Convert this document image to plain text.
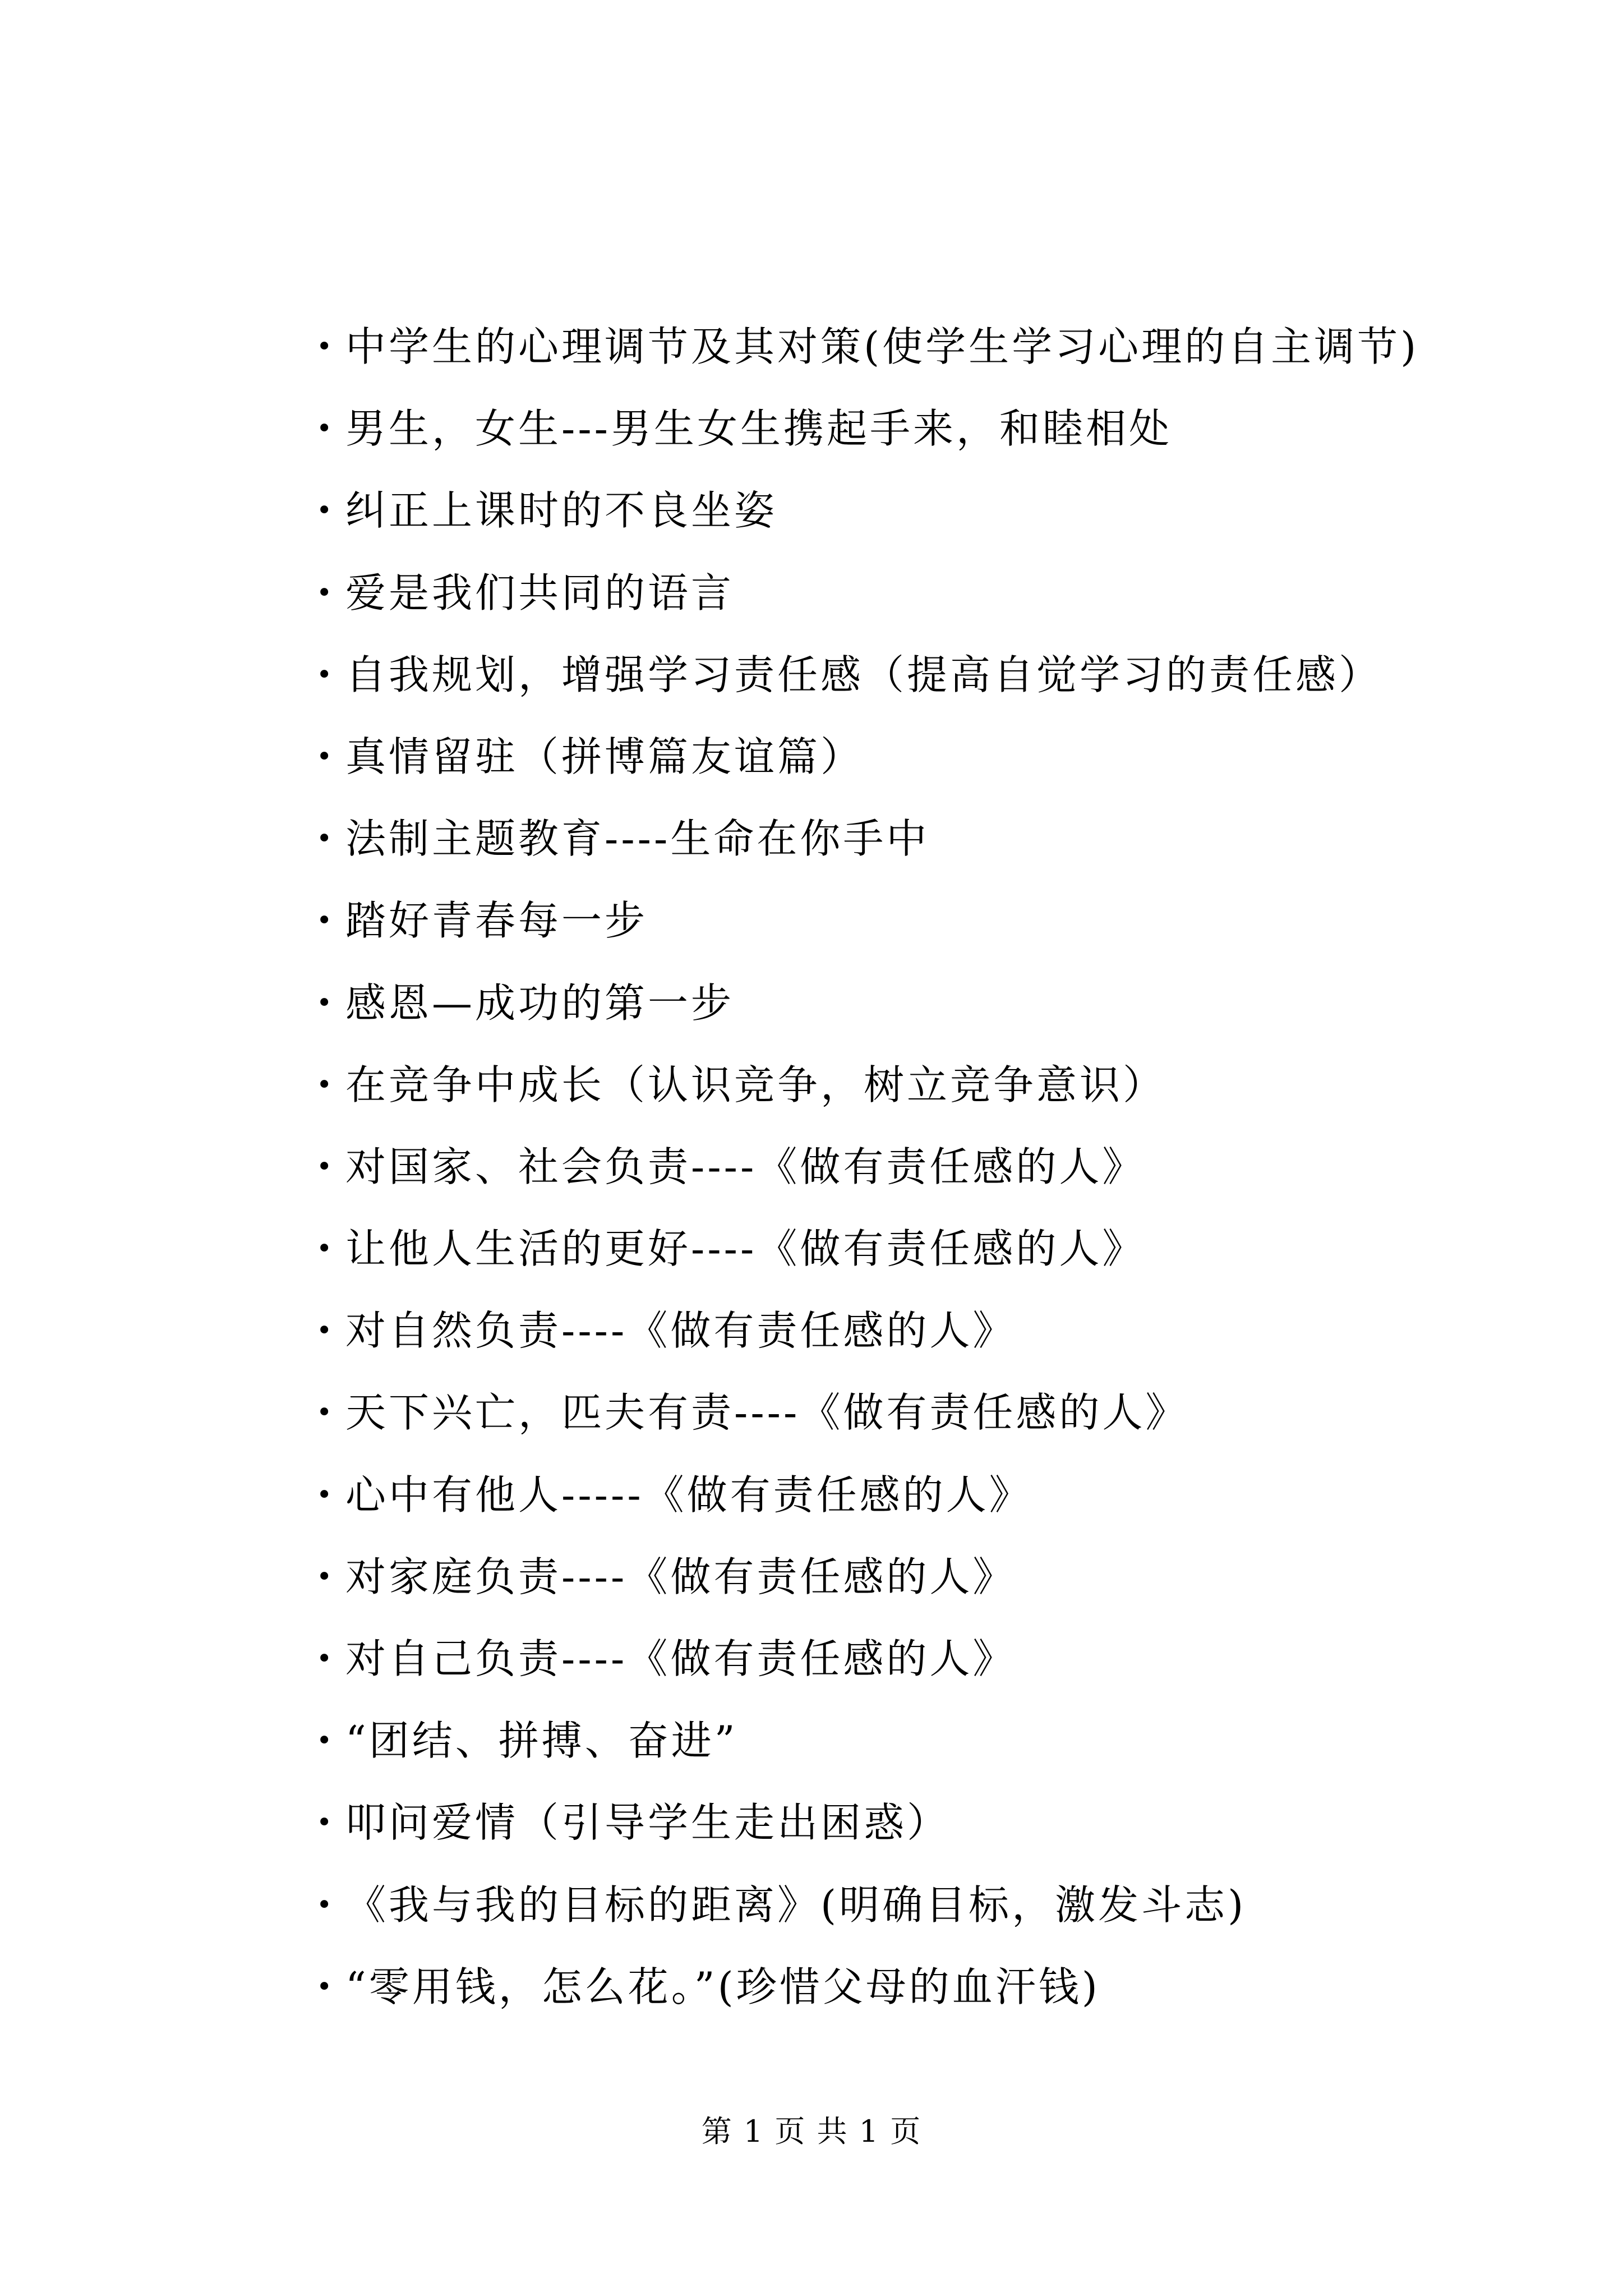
• 中学生的心理调节及其对策(使学生学习心理的自主调节)
• 男生，女生---男生女生携起手来，和睦相处
• 纠正上课时的不良坐姿
• 爱是我们共同的语言
• 自我规划，增强学习责任感（提高自觉学习的责任感）
• 真情留驻（拼博篇友谊篇）
• 法制主题教育----生命在你手中
• 踏好青春每一步
• 感恩—成功的第一步
• 在竞争中成长（认识竞争，树立竞争意识）
• 对国家、社会负责----《做有责任感的人》
• 让他人生活的更好----《做有责任感的人》
• 对自然负责----《做有责任感的人》
• 天下兴亡，匹夫有责----《做有责任感的人》
• 心中有他人-----《做有责任感的人》
• 对家庭负责----《做有责任感的人》
• 对自己负责----《做有责任感的人》
• “团结、拼搏、奋进”
• 叩问爱情（引导学生走出困惑）
• 《我与我的目标的距离》(明确目标，激发斗志)
• “零用钱，怎么花。”(珍惜父母的血汗钱)
第 1 页 共 1 页
